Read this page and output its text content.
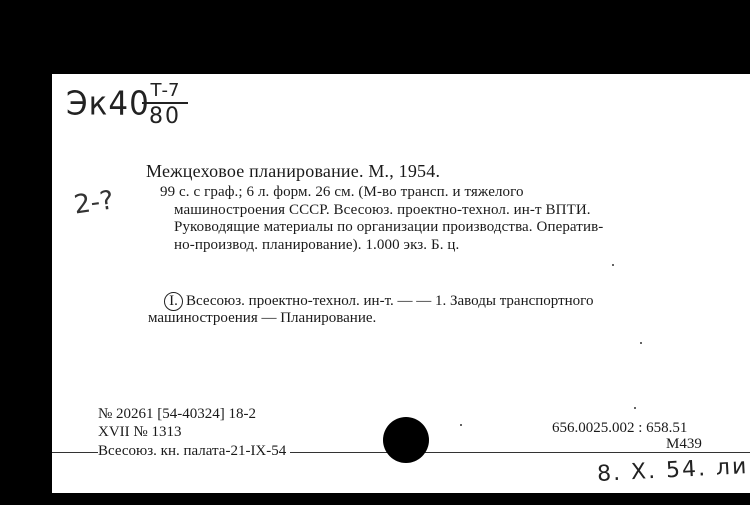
Эк40 Т-7
80
2-?
Межцеховое планирование. M., 1954.
99 с. с граф.; 6 л. форм. 26 см. (М-во трансп. и тяжелого
машиностроения СССР. Всесоюз. проектно-технол. ин-т ВПТИ.
Руководящие материалы по организации производства. Оператив-
но-производ. планирование). 1.000 экз. Б. ц.
I. Всесоюз. проектно-технол. ин-т. — — 1. Заводы транспортного
машиностроения — Планирование.
№ 20261 [54-40324] 18-2
XVII № 1313
Всесоюз. кн. палата-21-IX-54
656.0025.002 : 658.51
M439
8. X. 54. ли
